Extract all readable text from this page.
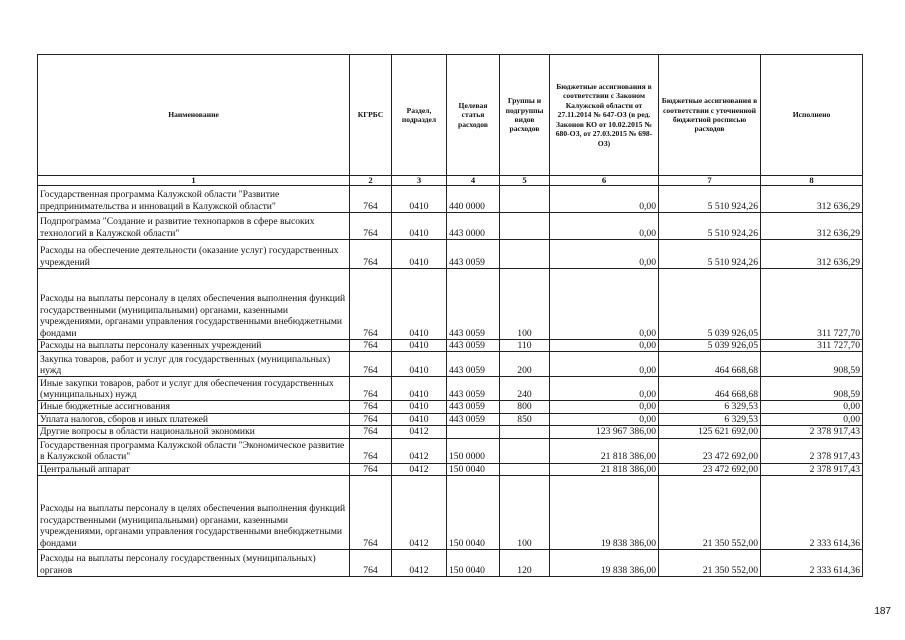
Наименование	КГРБС	Раздел, подраздел	Целевая статья расходов	Группы и подгруппы видов расходов	Бюджетные ассигнования в соответствии с Законом Калужской области от 27.11.2014 № 647-ОЗ (в ред. Законов КО от 10.02.2015 № 680-ОЗ, от 27.03.2015 № 698-ОЗ)	Бюджетные ассигнования в соответствии с уточненной бюджетной росписью расходов	Исполнено
1	2	3	4	5	6	7	8
Государственная программа Калужской области "Развитие предпринимательства и инноваций в Калужской области"	764	0410	440 0000		0,00	5 510 924,26	312 636,29
Подпрограмма "Создание и развитие технопарков в сфере высоких технологий в Калужской области"	764	0410	443 0000		0,00	5 510 924,26	312 636,29
Расходы на обеспечение деятельности (оказание услуг) государственных учреждений	764	0410	443 0059		0,00	5 510 924,26	312 636,29
Расходы на выплаты персоналу в целях обеспечения выполнения функций государственными (муниципальными) органами, казенными учреждениями, органами управления государственными внебюджетными фондами	764	0410	443 0059	100	0,00	5 039 926,05	311 727,70
Расходы на выплаты персоналу казенных учреждений	764	0410	443 0059	110	0,00	5 039 926,05	311 727,70
Закупка товаров, работ и услуг для государственных (муниципальных) нужд	764	0410	443 0059	200	0,00	464 668,68	908,59
Иные закупки товаров, работ и услуг для обеспечения государственных (муниципальных) нужд	764	0410	443 0059	240	0,00	464 668,68	908,59
Иные бюджетные ассигнования	764	0410	443 0059	800	0,00	6 329,53	0,00
Уплата налогов, сборов и иных платежей	764	0410	443 0059	850	0,00	6 329,53	0,00
Другие вопросы в области национальной экономики	764	0412			123 967 386,00	125 621 692,00	2 378 917,43
Государственная программа Калужской области "Экономическое развитие в Калужской области"	764	0412	150 0000		21 818 386,00	23 472 692,00	2 378 917,43
Центральный аппарат	764	0412	150 0040		21 818 386,00	23 472 692,00	2 378 917,43
Расходы на выплаты персоналу в целях обеспечения выполнения функций государственными (муниципальными) органами, казенными учреждениями, органами управления государственными внебюджетными фондами	764	0412	150 0040	100	19 838 386,00	21 350 552,00	2 333 614,36
Расходы на выплаты персоналу государственных (муниципальных) органов	764	0412	150 0040	120	19 838 386,00	21 350 552,00	2 333 614,36
187
